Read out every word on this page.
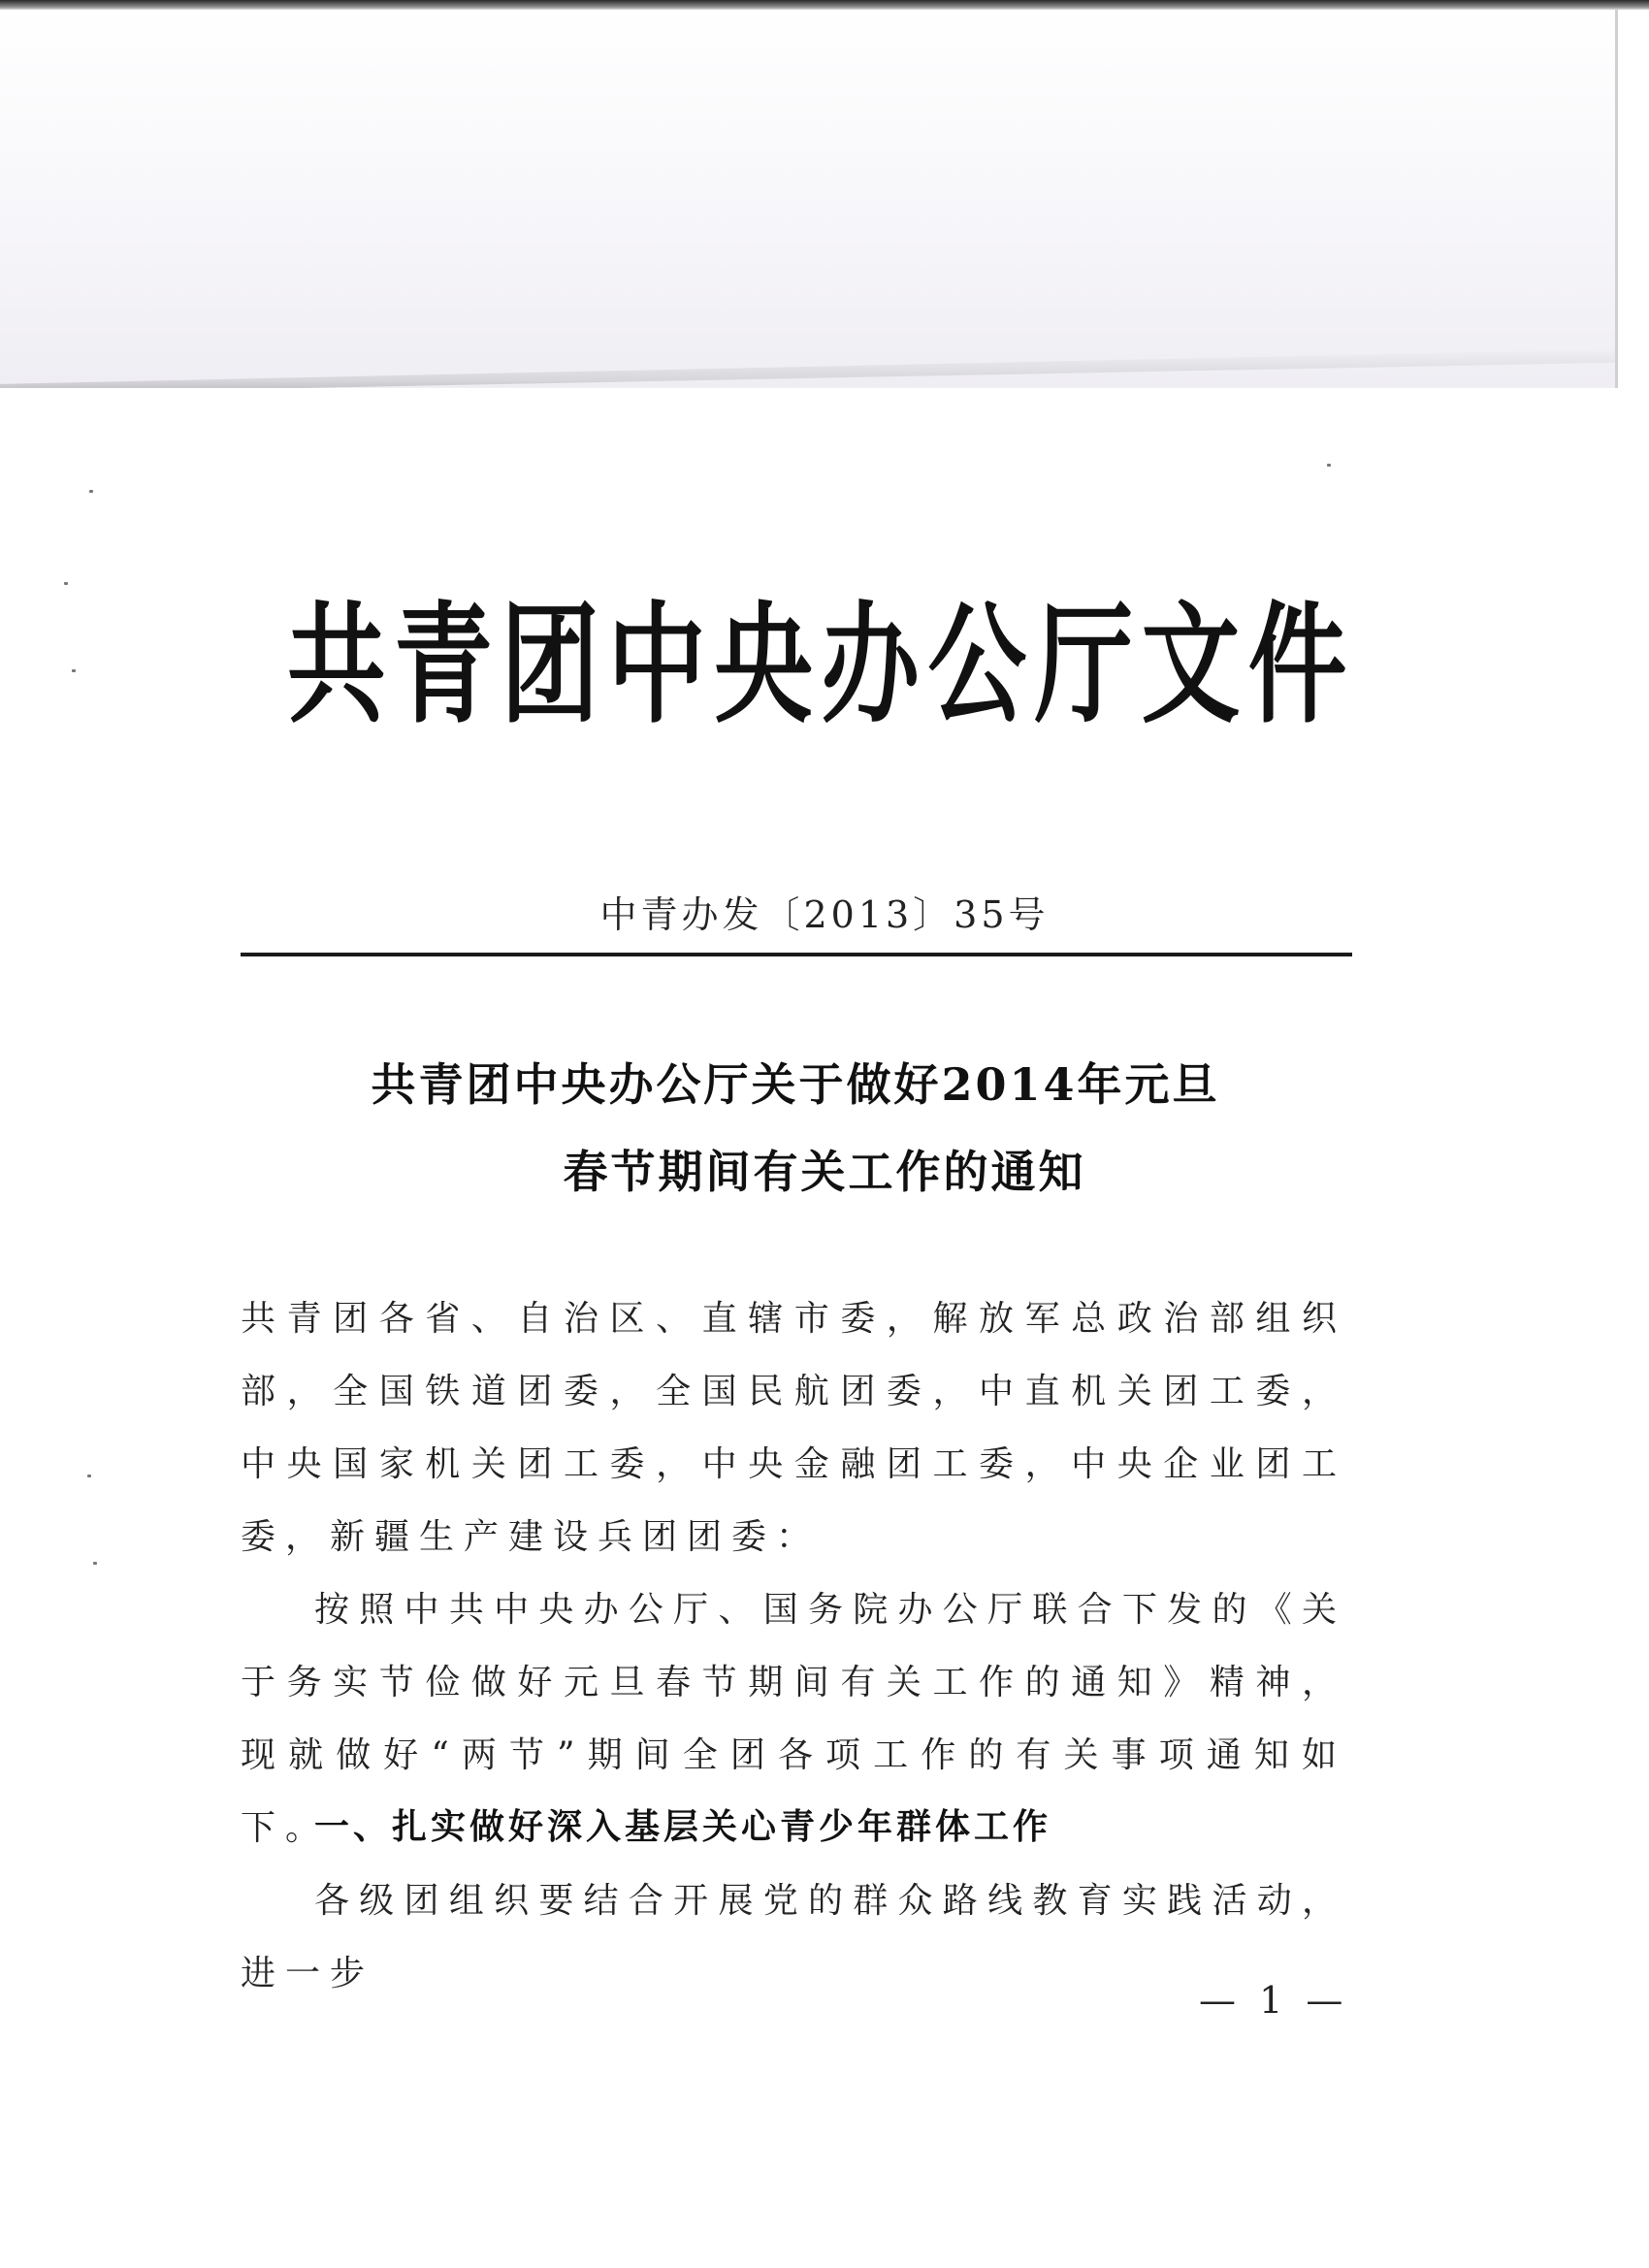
共青团中央办公厅文件
中青办发〔2013〕35号
共青团中央办公厅关于做好2014年元旦
春节期间有关工作的通知

共青团各省、自治区、直辖市委，解放军总政治部组织部，全国铁道团委，全国民航团委，中直机关团工委，中央国家机关团工委，中央金融团工委，中央企业团工委，新疆生产建设兵团团委：

按照中共中央办公厅、国务院办公厅联合下发的《关于务实节俭做好元旦春节期间有关工作的通知》精神，现就做好“两节”期间全团各项工作的有关事项通知如下。

一、扎实做好深入基层关心青少年群体工作

各级团组织要结合开展党的群众路线教育实践活动，进一步

— 1 —
